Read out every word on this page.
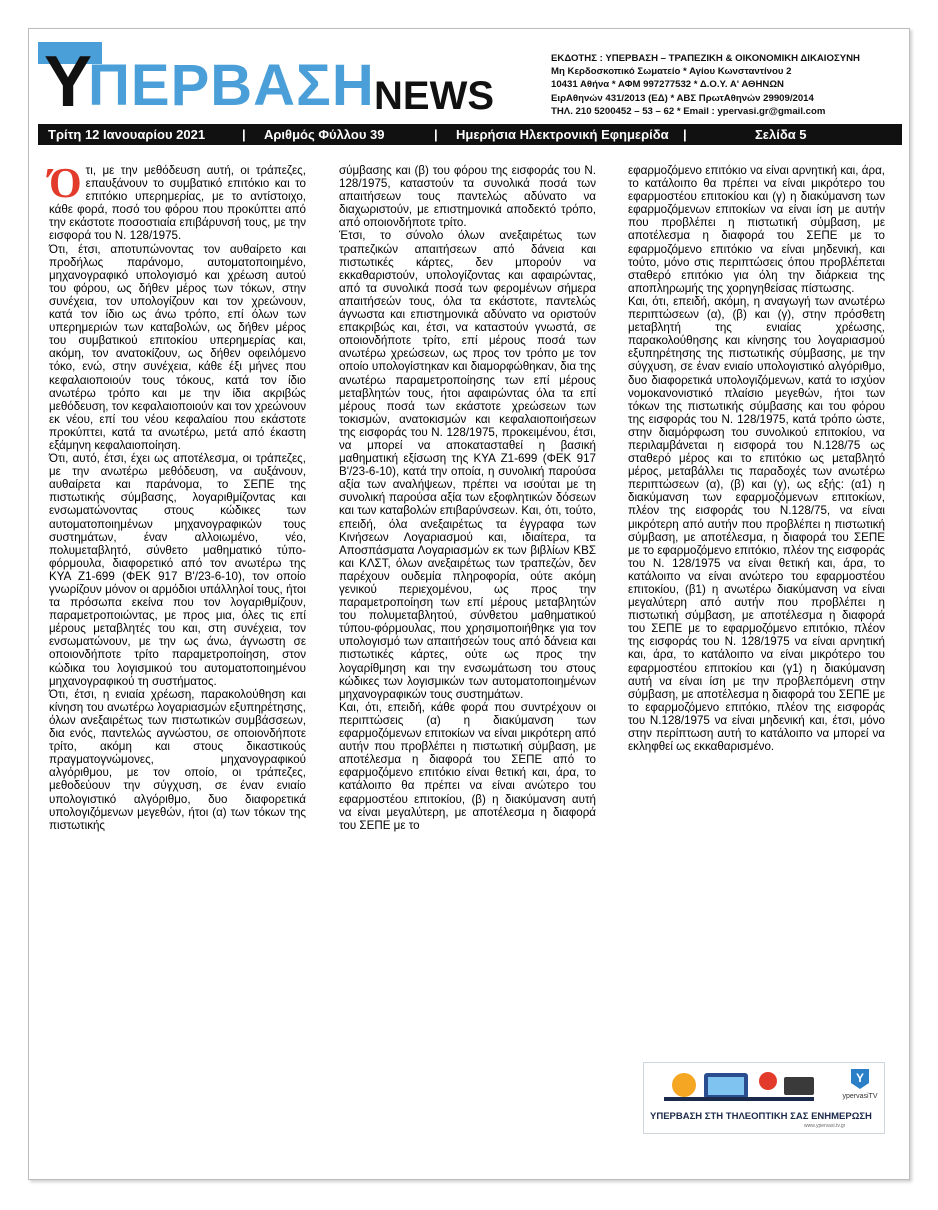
Y
ΠΕΡΒΑΣΗ NEWS
ΕΚΔΟΤΗΣ : ΥΠΕΡΒΑΣΗ – ΤΡΑΠΕΖΙΚΗ & ΟΙΚΟΝΟΜΙΚΗ ΔΙΚΑΙΟΣΥΝΗ
Μη Κερδοσκοπικό Σωματείο * Αγίου Κωνσταντίνου 2
10431 Αθήνα * ΑΦΜ 997277532 * Δ.Ο.Υ. Α' ΑΘΗΝΩΝ
ΕιρΑθηνών 431/2013 (ΕΔ) * ΑΒΣ ΠρωτΑθηνών 29909/2014
ΤΗΛ. 210 5200452 – 53 – 62 * Email : ypervasi.gr@gmail.com
Τρίτη 12 Ιανουαρίου 2021	| Αριθμός Φύλλου 39	| Ημερήσια Ηλεκτρονική Εφημερίδα |	Σελίδα 5

Ότι, με την μεθόδευση αυτή, οι τράπεζες, επαυξάνουν το συμβατικό επιτόκιο και το επιτόκιο υπερημερίας, με το αντίστοιχο, κάθε φορά, ποσό του φόρου που προκύπτει από την εκάστοτε ποσοστιαία επιβάρυνσή τους, με την εισφορά του Ν. 128/1975.

Ότι, έτσι, αποτυπώνοντας τον αυθαίρετο και προδήλως παράνομο, αυτοματοποιημένο, μηχανογραφικό υπολογισμό και χρέωση αυτού του φόρου, ως δήθεν μέρος των τόκων, στην συνέχεια, τον υπολογίζουν και τον χρεώνουν, κατά τον ίδιο ως άνω τρόπο, επί όλων των υπερημεριών των καταβολών, ως δήθεν μέρος του συμβατικού επιτοκίου υπερημερίας και, ακόμη, τον ανατοκίζουν, ως δήθεν οφειλόμενο τόκο, ενώ, στην συνέχεια, κάθε έξι μήνες που κεφαλαιοποιούν τους τόκους, κατά τον ίδιο ανωτέρω τρόπο και με την ίδια ακριβώς μεθόδευση, τον κεφαλαιοποιούν και τον χρεώνουν εκ νέου, επί του νέου κεφαλαίου που εκάστοτε προκύπτει, κατά τα ανωτέρω, μετά από έκαστη εξάμηνη κεφαλαιοποίηση.

Ότι, αυτό, έτσι, έχει ως αποτέλεσμα, οι τράπεζες, με την ανωτέρω μεθόδευση, να αυξάνουν, αυθαίρετα και παράνομα, το ΣΕΠΕ της πιστωτικής σύμβασης, λογαριθμίζοντας και ενσωματώνοντας στους κώδικες των αυτοματοποιημένων μηχανογραφικών τους συστημάτων, έναν αλλοιωμένο, νέο, πολυμεταβλητό, σύνθετο μαθηματικό τύπο-φόρμουλα, διαφορετικό από τον ανωτέρω της ΚΥΑ Ζ1-699 (ΦΕΚ 917 Β'/23-6-10), τον οποίο γνωρίζουν μόνον οι αρμόδιοι υπάλληλοί τους, ήτοι τα πρόσωπα εκείνα που τον λογαριθμίζουν, παραμετροποιώντας, με προς μια, όλες τις επί μέρους μεταβλητές του και, στη συνέχεια, τον ενσωματώνουν, με την ως άνω, άγνωστη σε οποιονδήποτε τρίτο παραμετροποίηση, στον κώδικα του λογισμικού του αυτοματοποιημένου μηχανογραφικού τη συστήματος.

Ότι, έτσι, η ενιαία χρέωση, παρακολούθηση και κίνηση του ανωτέρω λογαριασμών εξυπηρέτησης, όλων ανεξαιρέτως των πιστωτικών συμβάσσεων, δια ενός, παντελώς αγνώστου, σε οποιονδήποτε τρίτο, ακόμη και στους δικαστικούς πραγματογνώμονες, μηχανογραφικού αλγόριθμου, με τον οποίο, οι τράπεζες, μεθοδεύουν την σύγχυση, σε έναν ενιαίο υπολογιστικό αλγόριθμο, δυο διαφορετικά υπολογιζόμενων μεγεθών, ήτοι (α) των τόκων της πιστωτικής

σύμβασης και (β) του φόρου της εισφοράς του Ν. 128/1975, καταστούν τα συνολικά ποσά των απαιτήσεων τους παντελώς αδύνατο να διαχωριστούν, με επιστημονικά αποδεκτό τρόπο, από οποιονδήποτε τρίτο.

Έτσι, το σύνολο όλων ανεξαιρέτως των τραπεζικών απαιτήσεων από δάνεια και πιστωτικές κάρτες, δεν μπορούν να εκκαθαριστούν, υπολογίζοντας και αφαιρώντας, από τα συνολικά ποσά των φερομένων σήμερα απαιτήσεών τους, όλα τα εκάστοτε, παντελώς άγνωστα και επιστημονικά αδύνατο να οριστούν επακριβώς και, έτσι, να καταστούν γνωστά, σε οποιονδήποτε τρίτο, επί μέρους ποσά των ανωτέρω χρεώσεων, ως προς τον τρόπο με τον οποίο υπολογίστηκαν και διαμορφώθηκαν, δια της ανωτέρω παραμετροποίησης των επί μέρους μεταβλητών τους, ήτοι αφαιρώντας όλα τα επί μέρους ποσά των εκάστοτε χρεώσεων των τοκισμών, ανατοκισμών και κεφαλαιοποιήσεων της εισφοράς του Ν. 128/1975, προκειμένου, έτσι, να μπορεί να αποκατασταθεί η βασική μαθηματική εξίσωση της ΚΥΑ Ζ1-699 (ΦΕΚ 917 Β'/23-6-10), κατά την οποία, η συνολική παρούσα αξία των αναλήψεων, πρέπει να ισούται με τη συνολική παρούσα αξία των εξοφλητικών δόσεων και των καταβολών επιβαρύνσεων. Και, ότι, τούτο, επειδή, όλα ανεξαιρέτως τα έγγραφα των Κινήσεων Λογαριασμού και, ιδιαίτερα, τα Αποσπάσματα Λογαριασμών εκ των βιβλίων ΚΒΣ και ΚΛΣΤ, όλων ανεξαιρέτως των τραπεζών, δεν παρέχουν ουδεμία πληροφορία, ούτε ακόμη γενικού περιεχομένου, ως προς την παραμετροποίηση των επί μέρους μεταβλητών του πολυμεταβλητού, σύνθετου μαθηματικού τύπου-φόρμουλας, που χρησιμοποιήθηκε για τον υπολογισμό των απαιτήσεών τους από δάνεια και πιστωτικές κάρτες, ούτε ως προς την λογαρίθμηση και την ενσωμάτωση του στους κώδικες των λογισμικών των αυτοματοποιημένων μηχανογραφικών τους συστημάτων.

Και, ότι, επειδή, κάθε φορά που συντρέχουν οι περιπτώσεις (α) η διακύμανση των εφαρμοζόμενων επιτοκίων να είναι μικρότερη από αυτήν που προβλέπει η πιστωτική σύμβαση, με αποτέλεσμα η διαφορά του ΣΕΠΕ από το εφαρμοζόμενο επιτόκιο είναι θετική και, άρα, το κατάλοιπο θα πρέπει να είναι ανώτερο του εφαρμοστέου επιτοκίου, (β) η διακύμανση αυτή να είναι μεγαλύτερη, με αποτέλεσμα η διαφορά του ΣΕΠΕ με το

εφαρμοζόμενο επιτόκιο να είναι αρνητική και, άρα, το κατάλοιπο θα πρέπει να είναι μικρότερο του εφαρμοστέου επιτοκίου και (γ) η διακύμανση των εφαρμοζόμενων επιτοκίων να είναι ίση με αυτήν που προβλέπει η πιστωτική σύμβαση, με αποτέλεσμα η διαφορά του ΣΕΠΕ με το εφαρμοζόμενο επιτόκιο να είναι μηδενική, και τούτο, μόνο στις περιπτώσεις όπου προβλέπεται σταθερό επιτόκιο για όλη την διάρκεια της αποπληρωμής της χορηγηθείσας πίστωσης.

Και, ότι, επειδή, ακόμη, η αναγωγή των ανωτέρω περιπτώσεων (α), (β) και (γ), στην πρόσθετη μεταβλητή της ενιαίας χρέωσης, παρακολούθησης και κίνησης του λογαριασμού εξυπηρέτησης της πιστωτικής σύμβασης, με την σύγχυση, σε έναν ενιαίο υπολογιστικό αλγόριθμο, δυο διαφορετικά υπολογιζόμενων, κατά το ισχύον νομοκανονιστικό πλαίσιο μεγεθών, ήτοι των τόκων της πιστωτικής σύμβασης και του φόρου της εισφοράς του Ν. 128/1975, κατά τρόπο ώστε, στην διαμόρφωση του συνολικού επιτοκίου, να περιλαμβάνεται η εισφορά του Ν.128/75 ως σταθερό μέρος και το επιτόκιο ως μεταβλητό μέρος, μεταβάλλει τις παραδοχές των ανωτέρω περιπτώσεων (α), (β) και (γ), ως εξής: (α1) η διακύμανση των εφαρμοζόμενων επιτοκίων, πλέον της εισφοράς του Ν.128/75, να είναι μικρότερη από αυτήν που προβλέπει η πιστωτική σύμβαση, με αποτέλεσμα, η διαφορά του ΣΕΠΕ με το εφαρμοζόμενο επιτόκιο, πλέον της εισφοράς του Ν. 128/1975 να είναι θετική και, άρα, το κατάλοιπο να είναι ανώτερο του εφαρμοστέου επιτοκίου, (β1) η ανωτέρω διακύμανση να είναι μεγαλύτερη από αυτήν που προβλέπει η πιστωτική σύμβαση, με αποτέλεσμα η διαφορά του ΣΕΠΕ με το εφαρμοζόμενο επιτόκιο, πλέον της εισφοράς του Ν. 128/1975 να είναι αρνητική και, άρα, το κατάλοιπο να είναι μικρότερο του εφαρμοστέου επιτοκίου και (γ1) η διακύμανση αυτή να είναι ίση με την προβλεπόμενη στην σύμβαση, με αποτέλεσμα η διαφορά του ΣΕΠΕ με το εφαρμοζόμενο επιτόκιο, πλέον της εισφοράς του Ν.128/1975 να είναι μηδενική και, έτσι, μόνο στην περίπτωση αυτή το κατάλοιπο να μπορεί να εκληφθεί ως εκκαθαρισμένο.

Y
ypervasiTV
ΥΠΕΡΒΑΣΗ ΣΤΗ ΤΗΛΕΟΠΤΙΚΗ ΣΑΣ ΕΝΗΜΕΡΩΣΗ
www.ypervasi.tv.gr
